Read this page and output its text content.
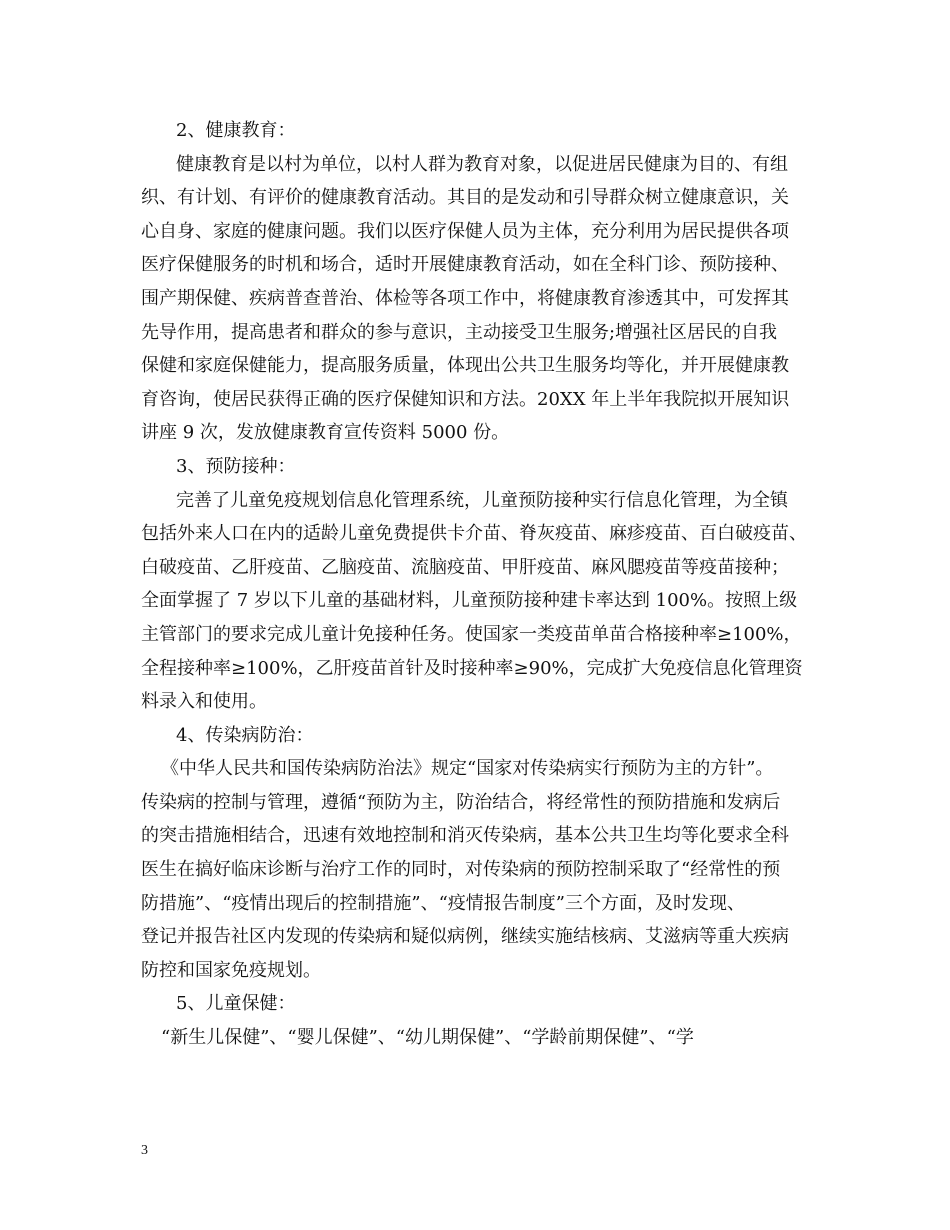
2、健康教育：
健康教育是以村为单位，以村人群为教育对象，以促进居民健康为目的、有组
织、有计划、有评价的健康教育活动。其目的是发动和引导群众树立健康意识，关
心自身、家庭的健康问题。我们以医疗保健人员为主体，充分利用为居民提供各项
医疗保健服务的时机和场合，适时开展健康教育活动，如在全科门诊、预防接种、
围产期保健、疾病普查普治、体检等各项工作中，将健康教育渗透其中，可发挥其
先导作用，提高患者和群众的参与意识，主动接受卫生服务;增强社区居民的自我
保健和家庭保健能力，提高服务质量，体现出公共卫生服务均等化，并开展健康教
育咨询，使居民获得正确的医疗保健知识和方法。20XX 年上半年我院拟开展知识
讲座 9 次，发放健康教育宣传资料 5000 份。
3、预防接种：
完善了儿童免疫规划信息化管理系统，儿童预防接种实行信息化管理，为全镇
包括外来人口在内的适龄儿童免费提供卡介苗、脊灰疫苗、麻疹疫苗、百白破疫苗、
白破疫苗、乙肝疫苗、乙脑疫苗、流脑疫苗、甲肝疫苗、麻风腮疫苗等疫苗接种；
全面掌握了 7 岁以下儿童的基础材料，儿童预防接种建卡率达到 100%。按照上级
主管部门的要求完成儿童计免接种任务。使国家一类疫苗单苗合格接种率≥100%，
全程接种率≥100%，乙肝疫苗首针及时接种率≥90%，完成扩大免疫信息化管理资
料录入和使用。
4、传染病防治：
《中华人民共和国传染病防治法》规定“国家对传染病实行预防为主的方针”。
传染病的控制与管理，遵循“预防为主，防治结合，将经常性的预防措施和发病后
的突击措施相结合，迅速有效地控制和消灭传染病，基本公共卫生均等化要求全科
医生在搞好临床诊断与治疗工作的同时，对传染病的预防控制采取了“经常性的预
防措施”、“疫情出现后的控制措施”、“疫情报告制度”三个方面，及时发现、
登记并报告社区内发现的传染病和疑似病例，继续实施结核病、艾滋病等重大疾病
防控和国家免疫规划。
5、儿童保健：
“新生儿保健”、“婴儿保健”、“幼儿期保健”、“学龄前期保健”、“学
3
